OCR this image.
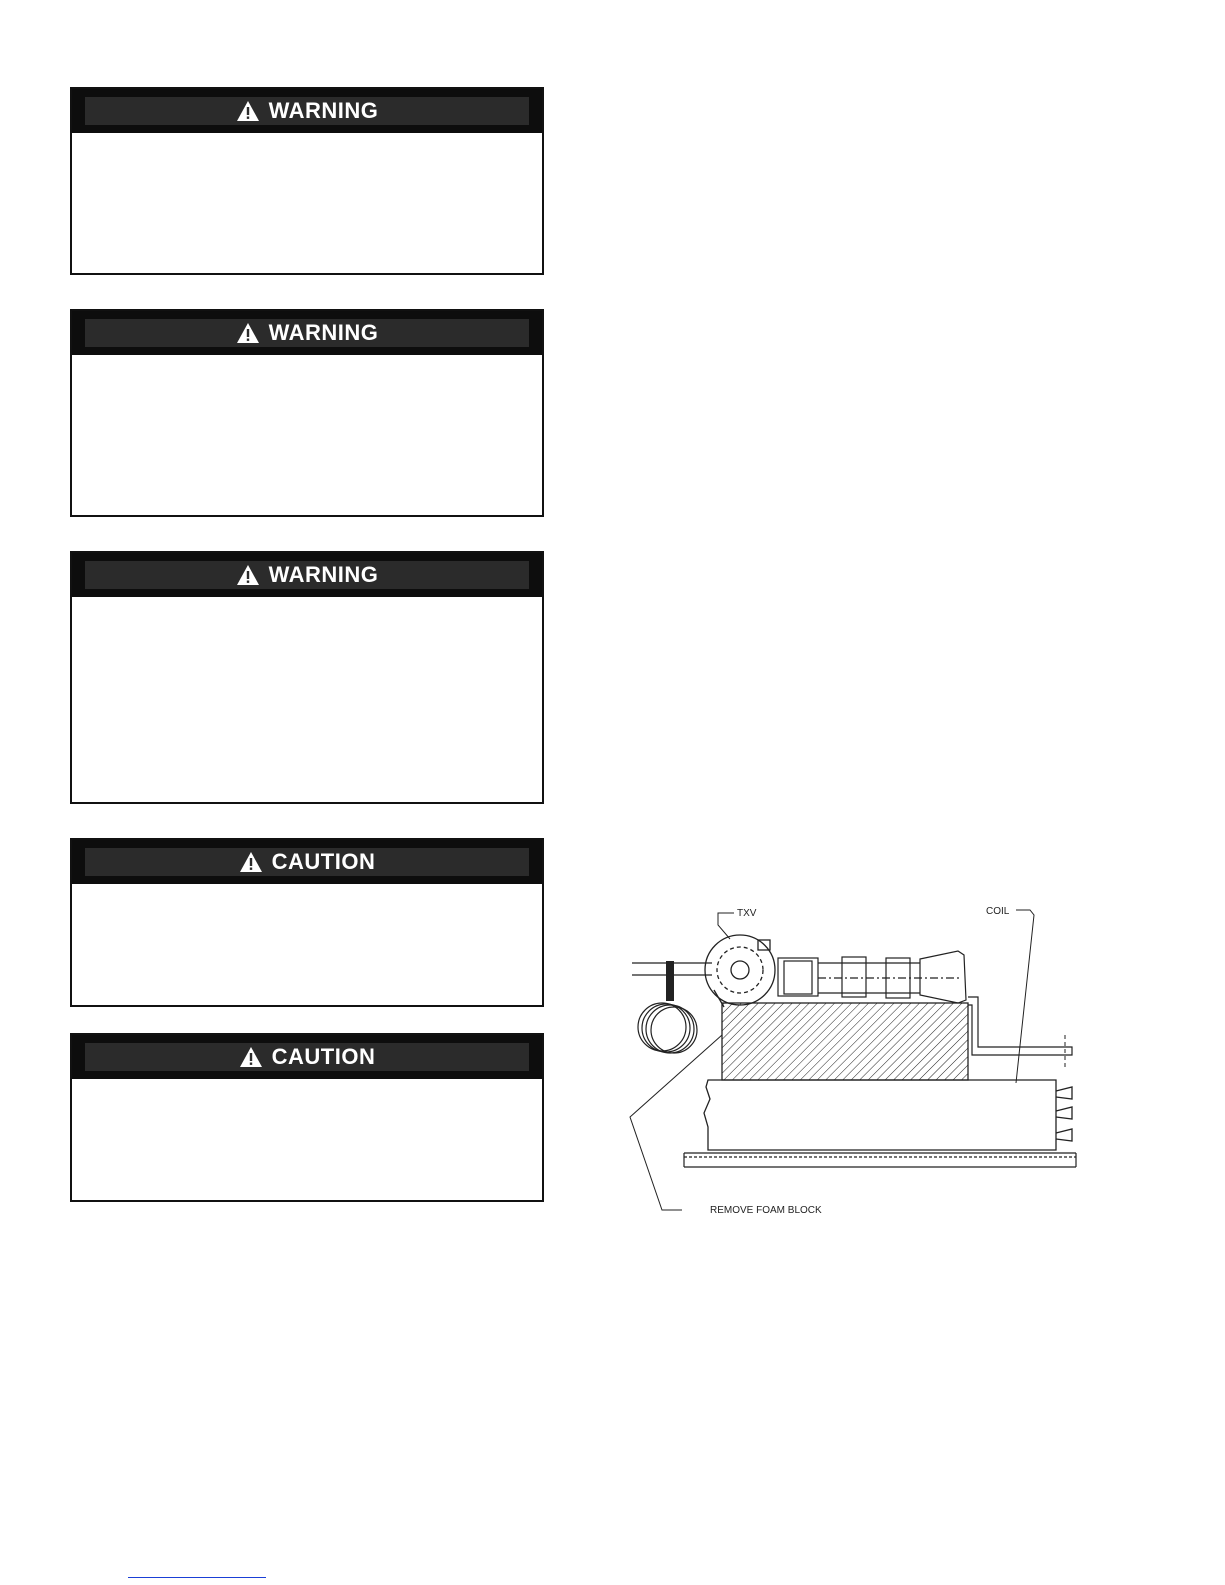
WARNING
WARNING
WARNING
CAUTION
CAUTION
TXV	COIL
REMOVE FOAM BLOCK
